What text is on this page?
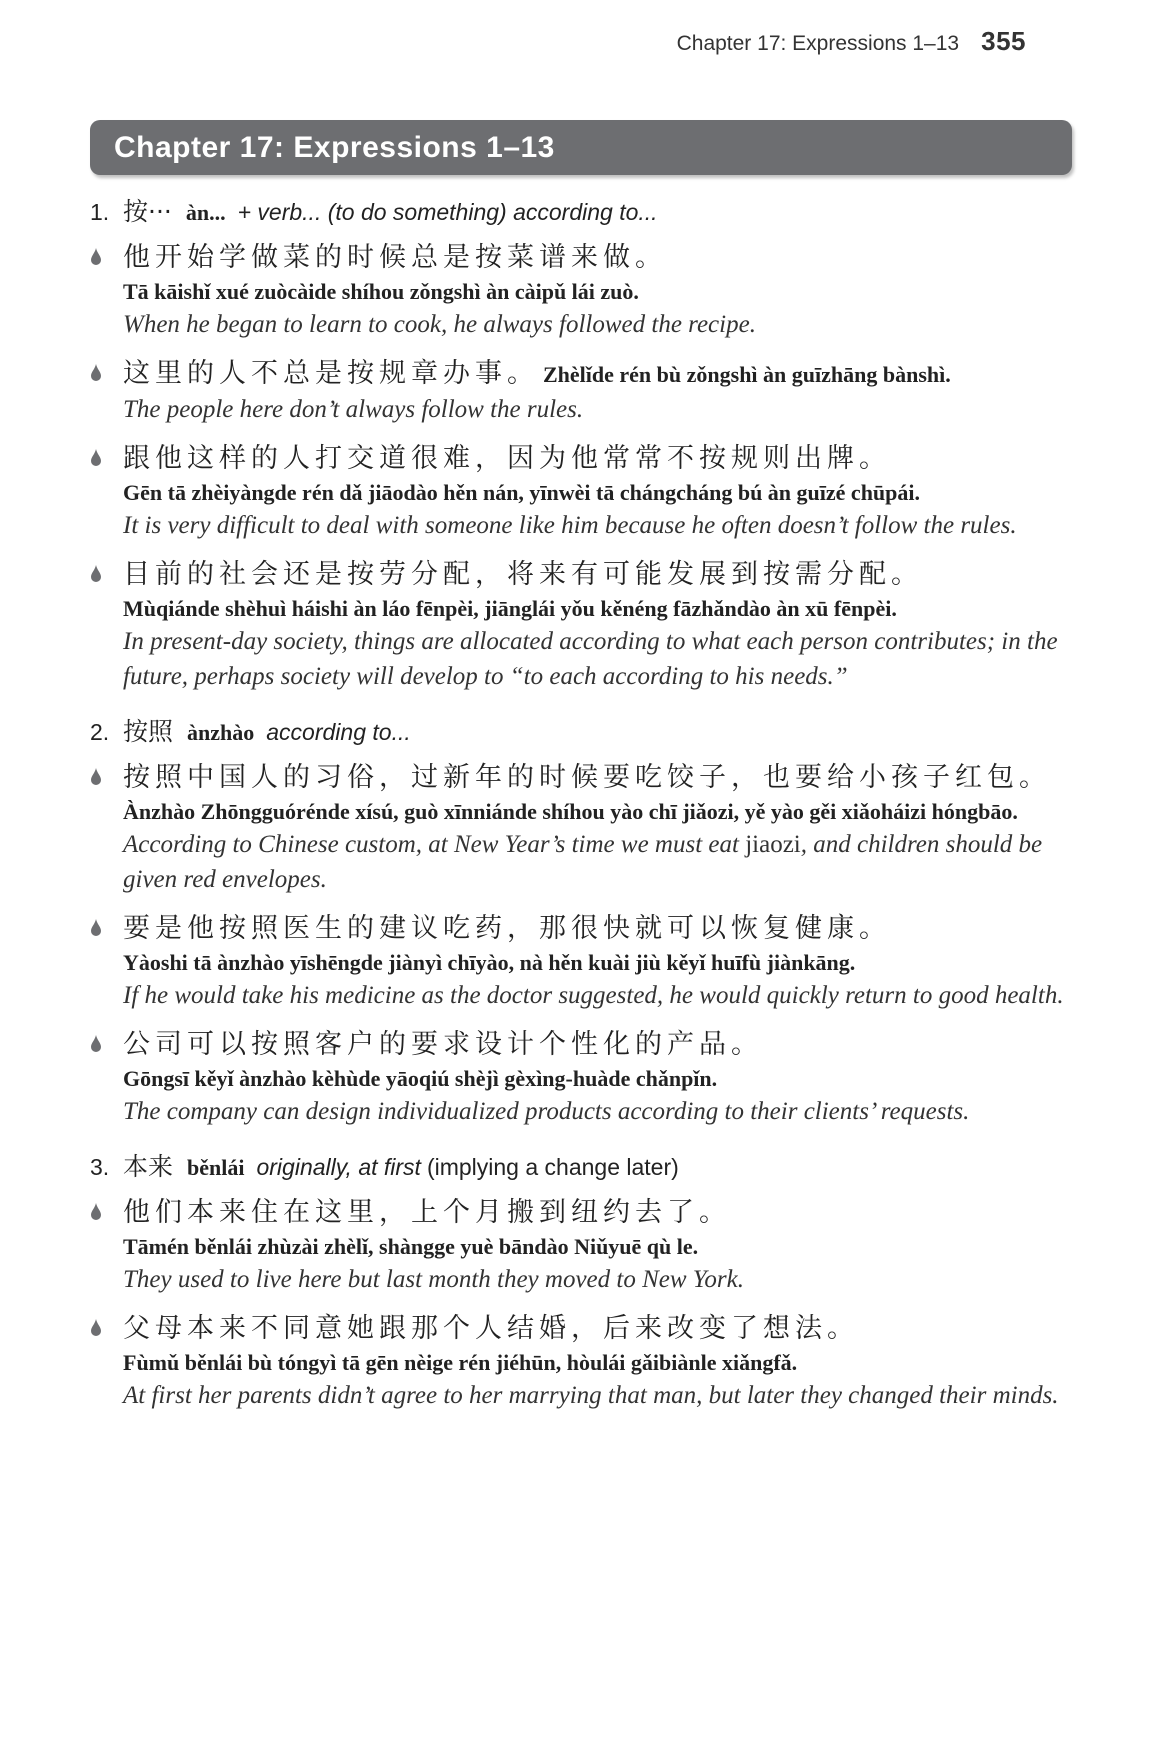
Chapter 17: Expressions 1–13 355
Chapter 17: Expressions 1–13
1. 按··· àn... + verb... (to do something) according to...

他开始学做菜的时候总是按菜谱来做。

Tā kāishǐ xué zuòcàide shíhou zǒngshì àn càipǔ lái zuò.

When he began to learn to cook, he always followed the recipe.

这里的人不总是按规章办事。 Zhèlǐde rén bù zǒngshì àn guīzhāng bànshì.

The people here don’t always follow the rules.

跟他这样的人打交道很难，因为他常常不按规则出牌。

Gēn tā zhèiyàngde rén dǎ jiāodào hěn nán, yīnwèi tā chángcháng bú àn guīzé chūpái.

It is very difficult to deal with someone like him because he often doesn’t follow the rules.

目前的社会还是按劳分配，将来有可能发展到按需分配。

Mùqiánde shèhuì háishi àn láo fēnpèi, jiānglái yǒu kěnéng fāzhǎndào àn xū fēnpèi.

In present-day society, things are allocated according to what each person contributes; in the future, perhaps society will develop to “to each according to his needs.”

2. 按照 ànzhào according to...

按照中国人的习俗，过新年的时候要吃饺子，也要给小孩子红包。

Ànzhào Zhōngguórénde xísú, guò xīnniánde shíhou yào chī jiǎozi, yě yào gěi xiǎoháizi hóngbāo.

According to Chinese custom, at New Year’s time we must eat jiaozi, and children should be given red envelopes.

要是他按照医生的建议吃药，那很快就可以恢复健康。

Yàoshi tā ànzhào yīshēngde jiànyì chīyào, nà hěn kuài jiù kěyǐ huīfù jiànkāng.

If he would take his medicine as the doctor suggested, he would quickly return to good health.

公司可以按照客户的要求设计个性化的产品。

Gōngsī kěyǐ ànzhào kèhùde yāoqiú shèjì gèxìng-huàde chǎnpǐn.

The company can design individualized products according to their clients’ requests.

3. 本来 běnlái originally, at first (implying a change later)

他们本来住在这里，上个月搬到纽约去了。

Tāmén běnlái zhùzài zhèlǐ, shàngge yuè bāndào Niǔyuē qù le.

They used to live here but last month they moved to New York.

父母本来不同意她跟那个人结婚，后来改变了想法。

Fùmǔ běnlái bù tóngyì tā gēn nèige rén jiéhūn, hòulái gǎibiànle xiǎngfǎ.

At first her parents didn’t agree to her marrying that man, but later they changed their minds.
